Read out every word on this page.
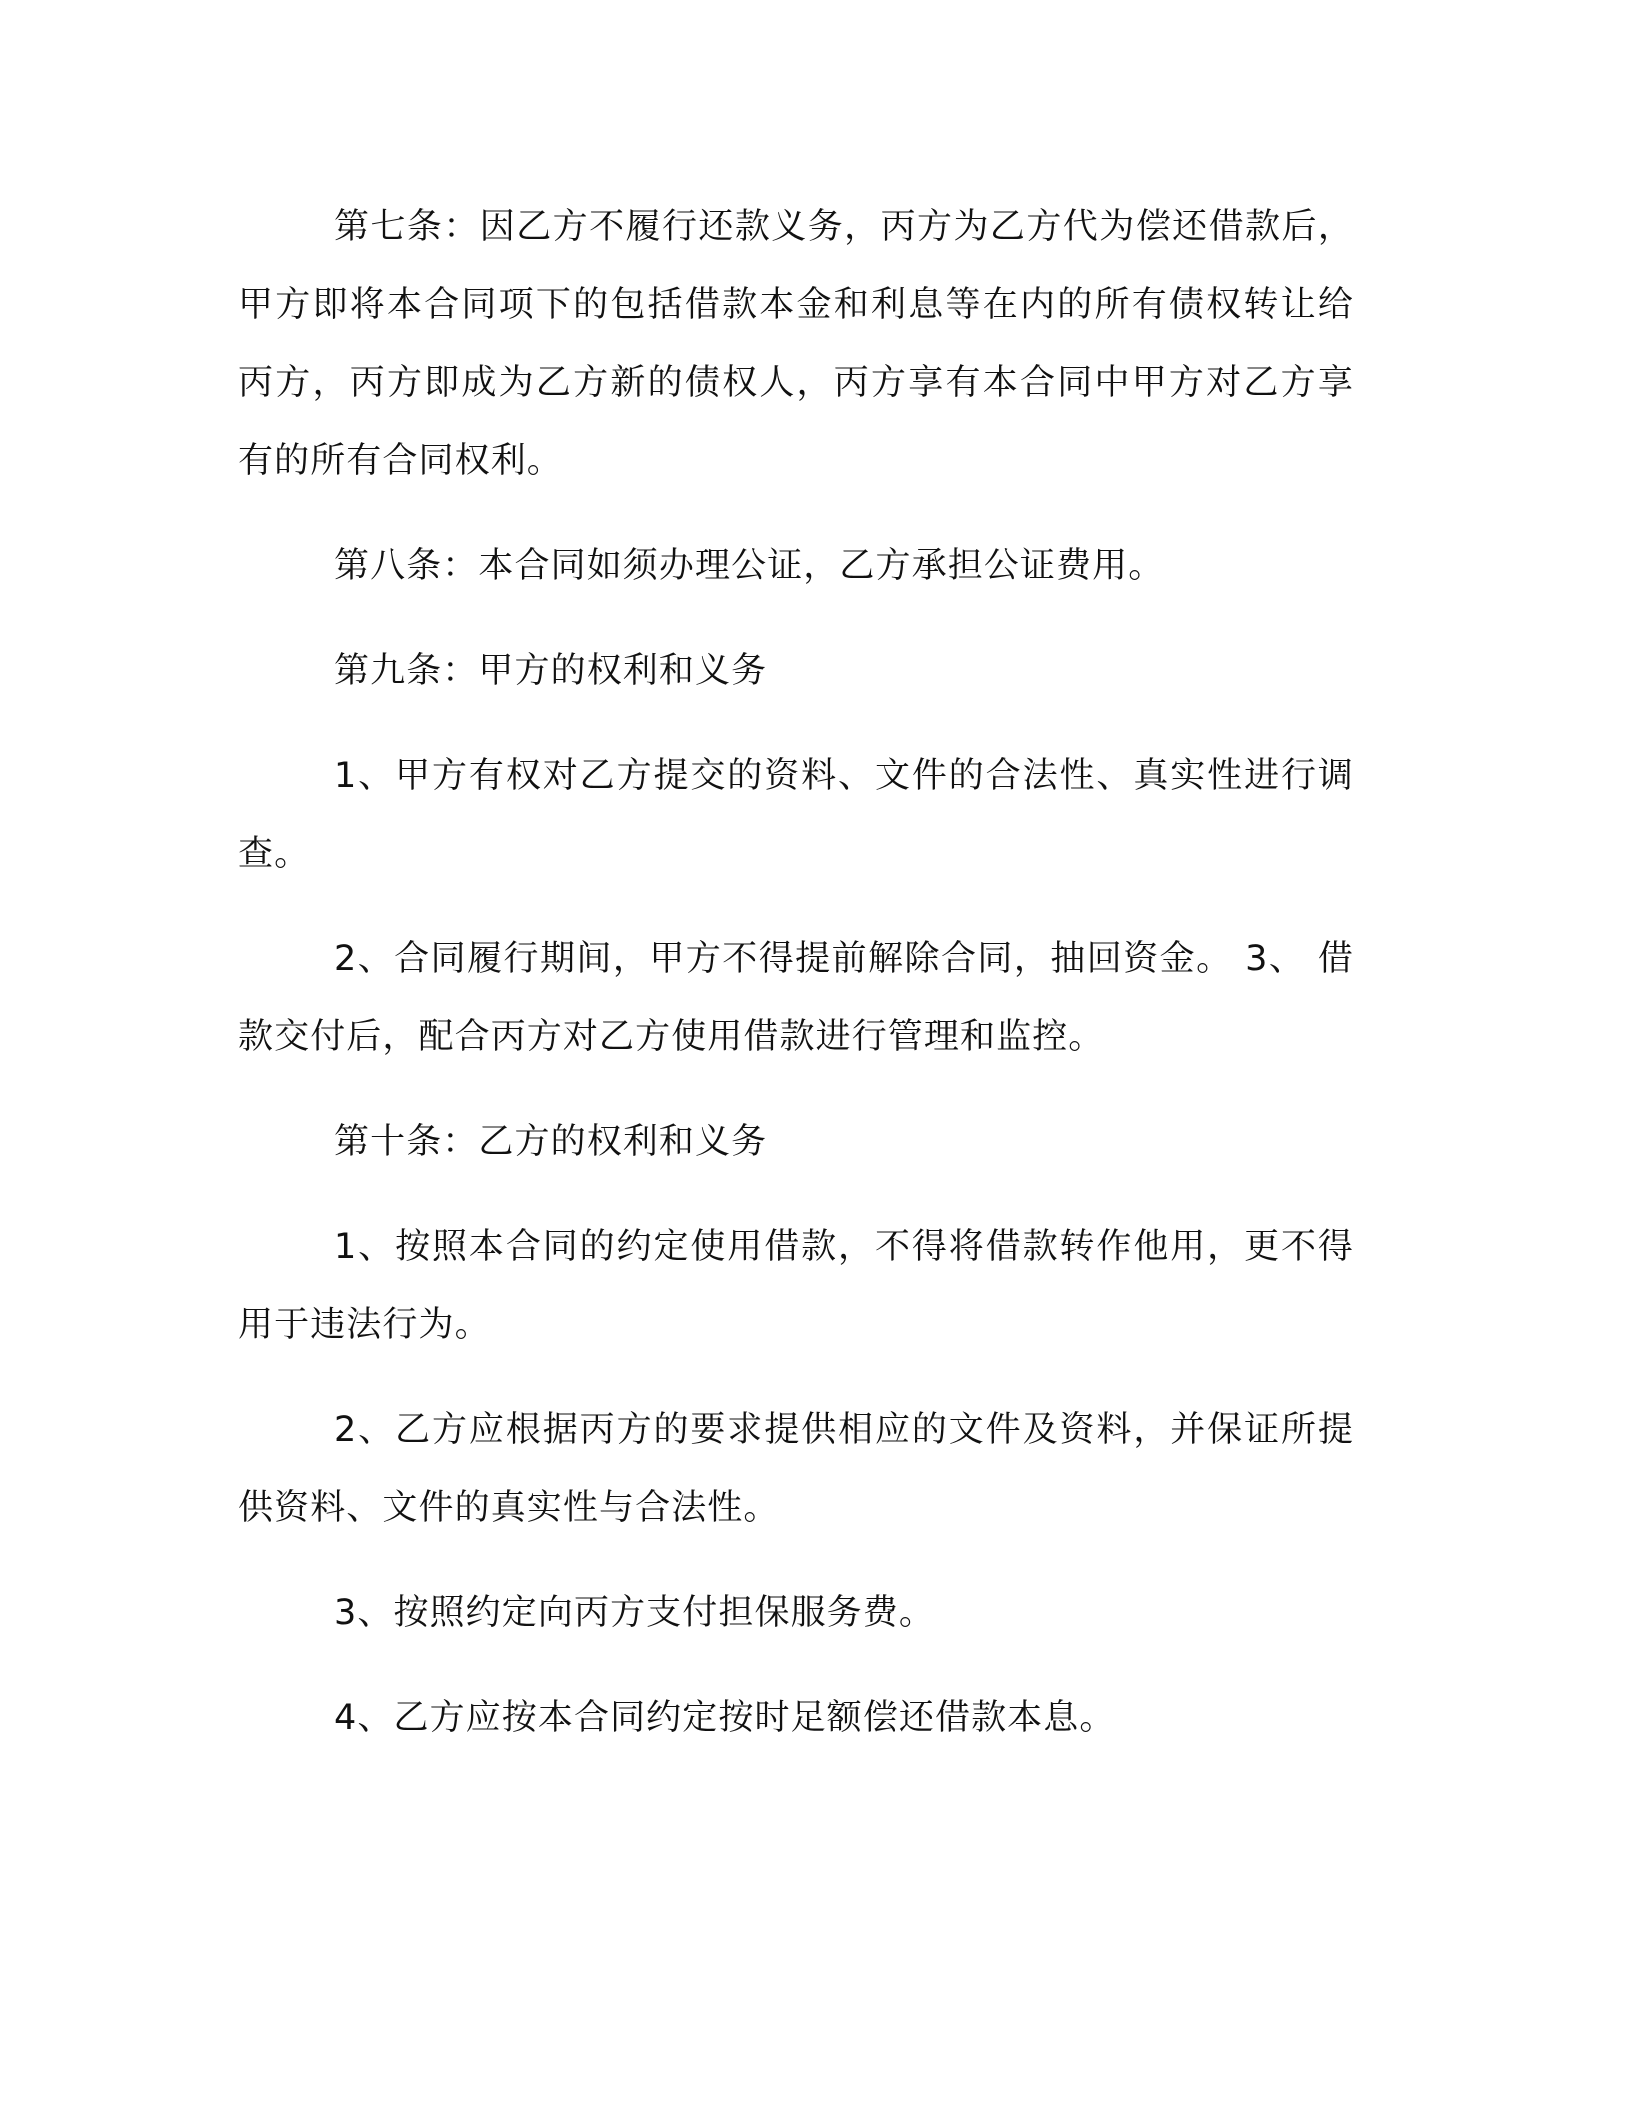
第七条：因乙方不履行还款义务，丙方为乙方代为偿还借款后，甲方即将本合同项下的包括借款本金和利息等在内的所有债权转让给丙方，丙方即成为乙方新的债权人，丙方享有本合同中甲方对乙方享有的所有合同权利。

第八条：本合同如须办理公证，乙方承担公证费用。

第九条：甲方的权利和义务

1、甲方有权对乙方提交的资料、文件的合法性、真实性进行调查。

2、合同履行期间，甲方不得提前解除合同，抽回资金。 3、 借款交付后，配合丙方对乙方使用借款进行管理和监控。

第十条：乙方的权利和义务

1、按照本合同的约定使用借款，不得将借款转作他用，更不得用于违法行为。

2、乙方应根据丙方的要求提供相应的文件及资料，并保证所提供资料、文件的真实性与合法性。

3、按照约定向丙方支付担保服务费。

4、乙方应按本合同约定按时足额偿还借款本息。
